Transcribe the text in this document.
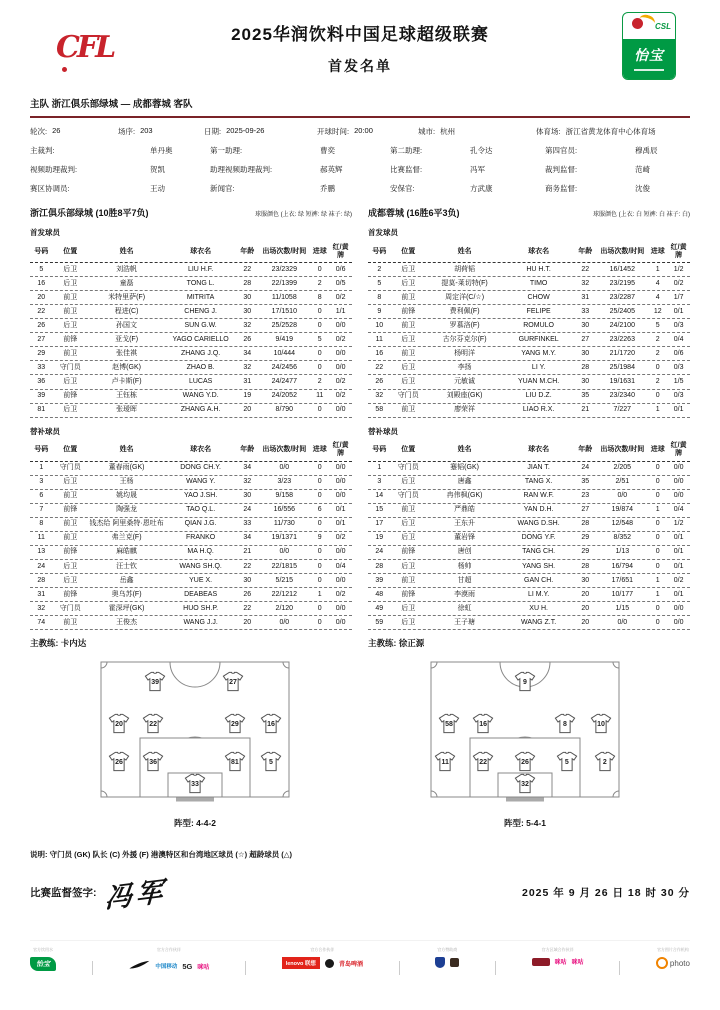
CFL	2025华润饮料中国足球超级联赛
首发名单
CSL
怡宝
主队 浙江俱乐部绿城 — 成都蓉城 客队
轮次: 26	场序: 203	日期: 2025-09-26	开球时间: 20:00	城市: 杭州	体育场: 浙江省黄龙体育中心体育场
主裁判:	单丹奥	第一助理:	曹奕	第二助理:	孔令达	第四官员:	穆禹辰
视频助理裁判:	贺凯	助理视频助理裁判:	郝英辉	比赛监督:	冯军	裁判监督:	范崎
赛区协调员:	王动	新闻官:	乔鹏	安保官:	方武康	商务监督:	沈俊
浙江俱乐部绿城 (10胜8平7负)	球服颜色 (上衣: 绿 短裤: 绿 袜子: 绿)
首发球员
号码	位置	姓名	球衣名	年龄	出场次数/时间 进球
红/黄牌
5	后卫	刘浩帆	LIU H.F.	22	23/2329	0	0/6
16	后卫	童磊	TONG L.	28	22/1399	2	0/5
20	前卫	米特里萨(F)	MITRITA	30	11/1058	8	0/2
22	前卫	程进(C)	CHENG J.	30	17/1510	0	1/1
26	后卫	孙国文	SUN G.W.	32	25/2528	0	0/0
27	前锋	亚戈(F)	YAGO CARIELLO	26	9/419	5	0/2
29	前卫	张佳祺	ZHANG J.Q.	34	10/444	0	0/0
33	守门员	赵博(GK)	ZHAO B.	32	24/2456	0	0/0
36	后卫	卢卡斯(F)	LUCAS	31	24/2477	2	0/2
39	前锋	王钰栋	WANG Y.D.	19	24/2052	11	0/2
81	后卫	张瑷晖	ZHANG A.H.	20	8/790	0	0/0
替补球员
号码	位置	姓名	球衣名	年龄	出场次数/时间 进球
红/黄牌
1	守门员	董春雨(GK)	DONG CH.Y.	34	0/0	0	0/0
3	后卫	王杨	WANG Y.	32	3/23	0	0/0
6	前卫	姚均晟	YAO J.SH.	30	9/158	0	0/0
7	前锋	陶强龙	TAO Q.L.	24	16/556	6	0/1
8	前卫	钱杰给 阿里桑特·恩吐布	QIAN J.G.	33	11/730	0	0/1
11	前卫	弗兰克(F)	FRANKO	34	19/1371	9	0/2
13	前锋	麻皓麒	MA H.Q.	21	0/0	0	0/0
24	后卫	汪士钦	WANG SH.Q.	22	22/1815	0	0/4
28	后卫	岳鑫	YUE X.	30	5/215	0	0/0
31	前锋	奥乌苏(F)	DEABEAS	26	22/1212	1	0/2
32	守门员	霍深坪(GK)	HUO SH.P.	22	2/120	0	0/0
74	前卫	王俊杰	WANG J.J.	20	0/0	0	0/0
主教练: 卡内达
成都蓉城 (16胜6平3负)	球服颜色 (上衣: 白 短裤: 白 袜子: 白)
首发球员
号码	位置	姓名	球衣名	年龄	出场次数/时间 进球
红/黄牌
2	后卫	胡荷韬	HU H.T.	22	16/1452	1	1/2
5	后卫	提莫-莱切特(F)	TIMO	32	23/2195	4	0/2
8	前卫	周定洋(C/☆)	CHOW	31	23/2287	4	1/7
9	前锋	费利佩(F)	FELIPE	33	25/2405	12	0/1
10	前卫	罗慕洛(F)	ROMULO	30	24/2100	5	0/3
11	后卫	古尔芬克尔(F)	GURFINKEL	27	23/2263	2	0/4
16	前卫	杨明洋	YANG M.Y.	30	21/1720	2	0/6
22	后卫	李扬	LI Y.	28	25/1984	0	0/3
26	后卫	元敏诚	YUAN M.CH.	30	19/1631	2	1/5
32	守门员	刘殿座(GK)	LIU D.Z.	35	23/2340	0	0/3
58	前卫	廖荣祥	LIAO R.X.	21	7/227	1	0/1
替补球员
号码	位置	姓名	球衣名	年龄	出场次数/时间 进球
红/黄牌
1	守门员	蹇韬(GK)	JIAN T.	24	2/205	0	0/0
3	后卫	唐鑫	TANG X.	35	2/51	0	0/0
14	守门员	冉伟枫(GK)	RAN W.F.	23	0/0	0	0/0
15	前卫	严鼎皓	YAN D.H.	27	19/874	1	0/4
17	后卫	王东升	WANG D.SH.	28	12/548	0	1/2
19	后卫	董岩锋	DONG Y.F.	29	8/352	0	0/1
24	前锋	唐创	TANG CH.	29	1/13	0	0/1
28	后卫	杨帅	YANG SH.	28	16/794	0	0/1
39	前卫	甘超	GAN CH.	30	17/651	1	0/2
48	前锋	李漠雨	LI M.Y.	20	10/177	1	0/1
49	后卫	徐虹	XU H.	20	1/15	0	0/0
59	后卫	王子瑭	WANG Z.T.	20	0/0	0	0/0
主教练: 徐正源
39	27
20	22	29	16
26	36	81	5
33
阵型: 4-4-2
9
58	16	8	10
11	22	26	5	2
32
阵型: 5-4-1
说明: 守门员 (GK) 队长 (C) 外援 (F) 港澳特区和台湾地区球员 (☆) 超龄球员 (△)
比赛监督签字: 冯军	2025 年 9 月 26 日 18 时 30 分
官方饮用水
怡宝
官方合作伙伴
中国移动 5G 咪咕
官方合作伙伴
lenovo 联想	青岛啤酒
官方赞助商	官方区域合作伙伴
咪咕 咪咕
官方图片合作机构
photo
